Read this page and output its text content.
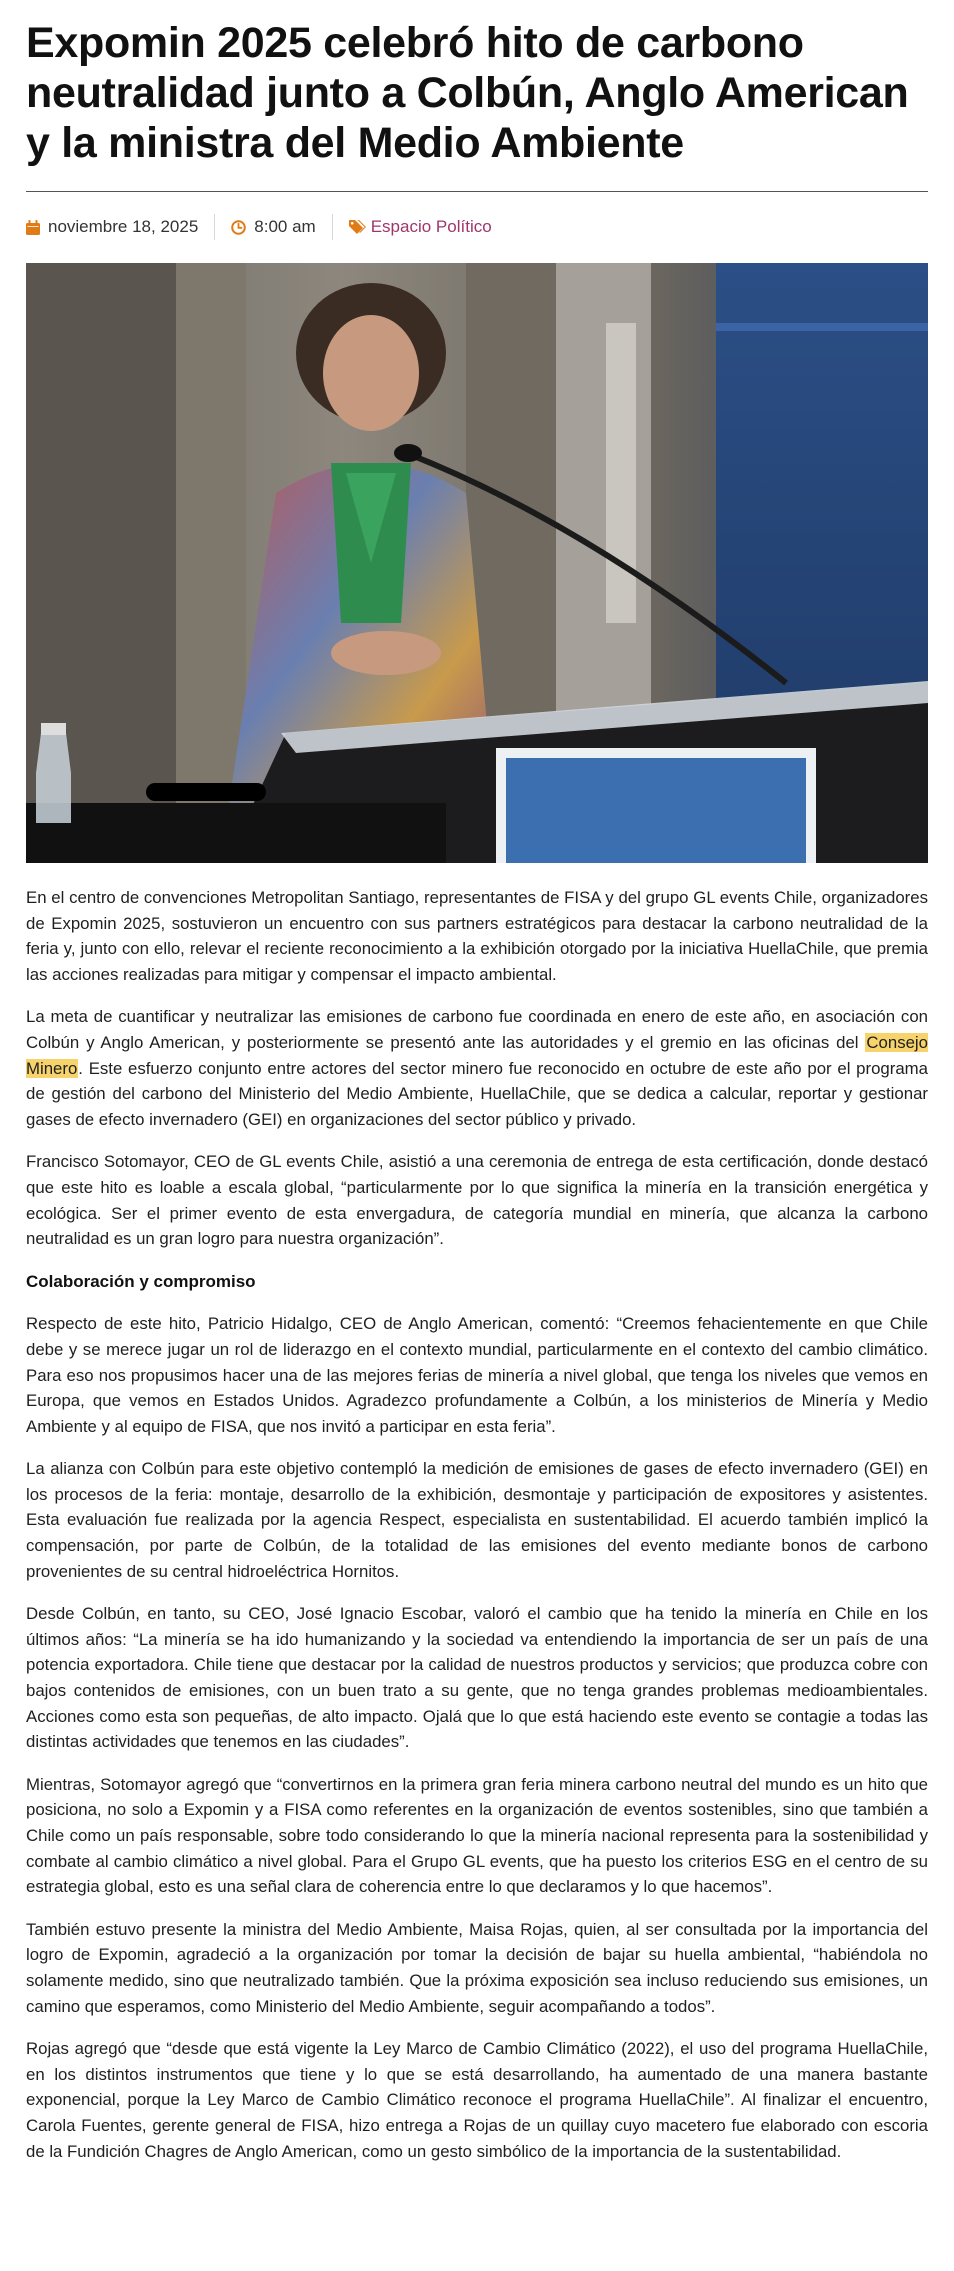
Expomin 2025 celebró hito de carbono neutralidad junto a Colbún, Anglo American y la ministra del Medio Ambiente
noviembre 18, 2025	8:00 am	Espacio Político

En el centro de convenciones Metropolitan Santiago, representantes de FISA y del grupo GL events Chile, organizadores de Expomin 2025, sostuvieron un encuentro con sus partners estratégicos para destacar la carbono neutralidad de la feria y, junto con ello, relevar el reciente reconocimiento a la exhibición otorgado por la iniciativa HuellaChile, que premia las acciones realizadas para mitigar y compensar el impacto ambiental.

La meta de cuantificar y neutralizar las emisiones de carbono fue coordinada en enero de este año, en asociación con Colbún y Anglo American, y posteriormente se presentó ante las autoridades y el gremio en las oficinas del Consejo Minero. Este esfuerzo conjunto entre actores del sector minero fue reconocido en octubre de este año por el programa de gestión del carbono del Ministerio del Medio Ambiente, HuellaChile, que se dedica a calcular, reportar y gestionar gases de efecto invernadero (GEI) en organizaciones del sector público y privado.

Francisco Sotomayor, CEO de GL events Chile, asistió a una ceremonia de entrega de esta certificación, donde destacó que este hito es loable a escala global, “particularmente por lo que significa la minería en la transición energética y ecológica. Ser el primer evento de esta envergadura, de categoría mundial en minería, que alcanza la carbono neutralidad es un gran logro para nuestra organización”.

Colaboración y compromiso

Respecto de este hito, Patricio Hidalgo, CEO de Anglo American, comentó: “Creemos fehacientemente en que Chile debe y se merece jugar un rol de liderazgo en el contexto mundial, particularmente en el contexto del cambio climático. Para eso nos propusimos hacer una de las mejores ferias de minería a nivel global, que tenga los niveles que vemos en Europa, que vemos en Estados Unidos. Agradezco profundamente a Colbún, a los ministerios de Minería y Medio Ambiente y al equipo de FISA, que nos invitó a participar en esta feria”.

La alianza con Colbún para este objetivo contempló la medición de emisiones de gases de efecto invernadero (GEI) en los procesos de la feria: montaje, desarrollo de la exhibición, desmontaje y participación de expositores y asistentes. Esta evaluación fue realizada por la agencia Respect, especialista en sustentabilidad. El acuerdo también implicó la compensación, por parte de Colbún, de la totalidad de las emisiones del evento mediante bonos de carbono provenientes de su central hidroeléctrica Hornitos.

Desde Colbún, en tanto, su CEO, José Ignacio Escobar, valoró el cambio que ha tenido la minería en Chile en los últimos años: “La minería se ha ido humanizando y la sociedad va entendiendo la importancia de ser un país de una potencia exportadora. Chile tiene que destacar por la calidad de nuestros productos y servicios; que produzca cobre con bajos contenidos de emisiones, con un buen trato a su gente, que no tenga grandes problemas medioambientales. Acciones como esta son pequeñas, de alto impacto. Ojalá que lo que está haciendo este evento se contagie a todas las distintas actividades que tenemos en las ciudades”.

Mientras, Sotomayor agregó que “convertirnos en la primera gran feria minera carbono neutral del mundo es un hito que posiciona, no solo a Expomin y a FISA como referentes en la organización de eventos sostenibles, sino que también a Chile como un país responsable, sobre todo considerando lo que la minería nacional representa para la sostenibilidad y combate al cambio climático a nivel global. Para el Grupo GL events, que ha puesto los criterios ESG en el centro de su estrategia global, esto es una señal clara de coherencia entre lo que declaramos y lo que hacemos”.

También estuvo presente la ministra del Medio Ambiente, Maisa Rojas, quien, al ser consultada por la importancia del logro de Expomin, agradeció a la organización por tomar la decisión de bajar su huella ambiental, “habiéndola no solamente medido, sino que neutralizado también. Que la próxima exposición sea incluso reduciendo sus emisiones, un camino que esperamos, como Ministerio del Medio Ambiente, seguir acompañando a todos”.

Rojas agregó que “desde que está vigente la Ley Marco de Cambio Climático (2022), el uso del programa HuellaChile, en los distintos instrumentos que tiene y lo que se está desarrollando, ha aumentado de una manera bastante exponencial, porque la Ley Marco de Cambio Climático reconoce el programa HuellaChile”. Al finalizar el encuentro, Carola Fuentes, gerente general de FISA, hizo entrega a Rojas de un quillay cuyo macetero fue elaborado con escoria de la Fundición Chagres de Anglo American, como un gesto simbólico de la importancia de la sustentabilidad.
